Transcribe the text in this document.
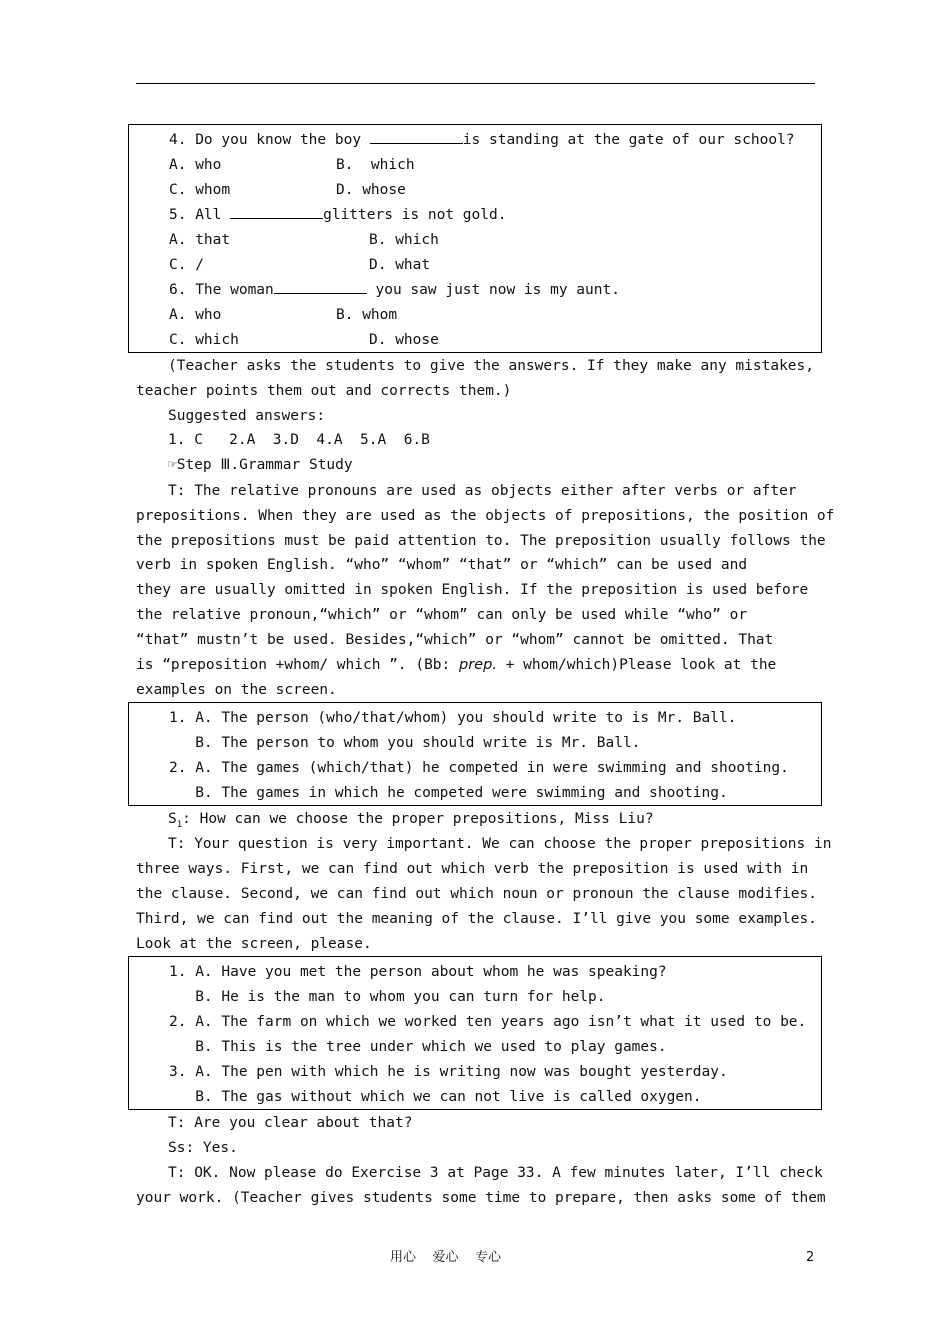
4. Do you know the boy	is standing at the gate of our school?
A. who	B.  which
C. whom	D. whose
5. All	glitters is not gold.
A. that	B. which
C. /	D. what
6. The woman	you saw just now is my aunt.
A. who	B. whom
C. which	D. whose
(Teacher asks the students to give the answers. If they make any mistakes,
teacher points them out and corrects them.)
Suggested answers:
1. C   2.A  3.D  4.A  5.A  6.B
☞Step Ⅲ.Grammar Study
T: The relative pronouns are used as objects either after verbs or after
prepositions. When they are used as the objects of prepositions, the position of
the prepositions must be paid attention to. The preposition usually follows the
verb in spoken English. “who” “whom” “that” or “which” can be used and
they are usually omitted in spoken English. If the preposition is used before
the relative pronoun,“which” or “whom” can only be used while “who” or
“that” mustn’t be used. Besides,“which” or “whom” cannot be omitted. That
is “preposition +whom/ which ”. (Bb: prep. + whom/which)Please look at the
examples on the screen.
1. A. The person (who/that/whom) you should write to is Mr. Ball.
B. The person to whom you should write is Mr. Ball.
2. A. The games (which/that) he competed in were swimming and shooting.
B. The games in which he competed were swimming and shooting.
$S_1$: How can we choose the proper prepositions, Miss Liu?
T: Your question is very important. We can choose the proper prepositions in
three ways. First, we can find out which verb the preposition is used with in
the clause. Second, we can find out which noun or pronoun the clause modifies.
Third, we can find out the meaning of the clause. I’ll give you some examples.
Look at the screen, please.
1. A. Have you met the person about whom he was speaking?
B. He is the man to whom you can turn for help.
2. A. The farm on which we worked ten years ago isn’t what it used to be.
B. This is the tree under which we used to play games.
3. A. The pen with which he is writing now was bought yesterday.
B. The gas without which we can not live is called oxygen.
T: Are you clear about that?
Ss: Yes.
T: OK. Now please do Exercise 3 at Page 33. A few minutes later, I’ll check
your work. (Teacher gives students some time to prepare, then asks some of them
用心    爱心    专心	2
